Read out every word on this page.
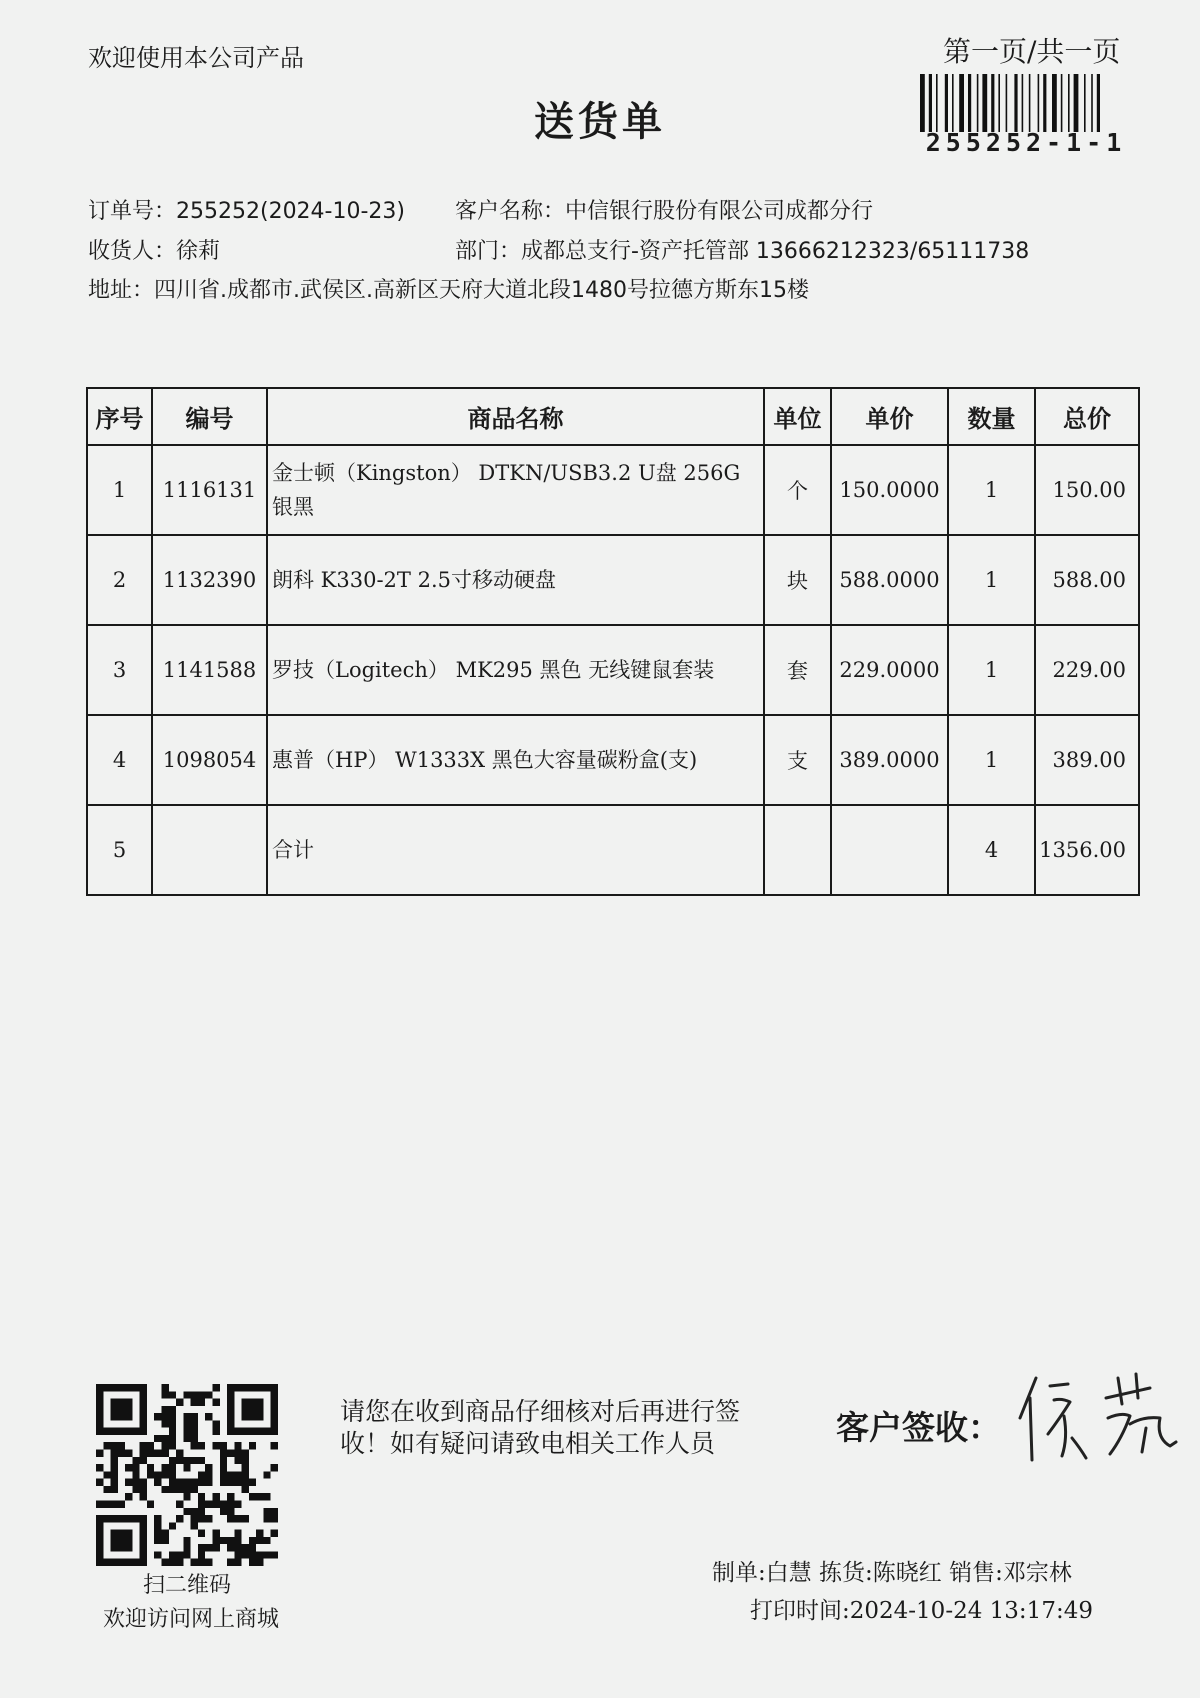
欢迎使用本公司产品	第一页/共一页
255252-1-1
送货单
订单号：255252(2024-10-23) 客户名称：中信银行股份有限公司成都分行
收货人：徐莉	部门：成都总支行-资产托管部 13666212323/65111738
地址：四川省.成都市.武侯区.高新区天府大道北段1480号拉德方斯东15楼
序号	编号	商品名称	单位	单价	数量	总价
1	1116131	金士顿（Kingston） DTKN/USB3.2 U盘 256G 银黑	个	150.0000	1	150.00
2	1132390	朗科 K330-2T 2.5寸移动硬盘	块	588.0000	1	588.00
3	1141588	罗技（Logitech） MK295 黑色 无线键鼠套装	套	229.0000	1	229.00
4	1098054	惠普（HP） W1333X 黑色大容量碳粉盒(支)	支	389.0000	1	389.00
5		合计			4	1356.00
扫二维码
欢迎访问网上商城
请您在收到商品仔细核对后再进行签收！如有疑问请致电相关工作人员	客户签收：
制单:白慧 拣货:陈晓红 销售:邓宗林
打印时间:2024-10-24 13:17:49
